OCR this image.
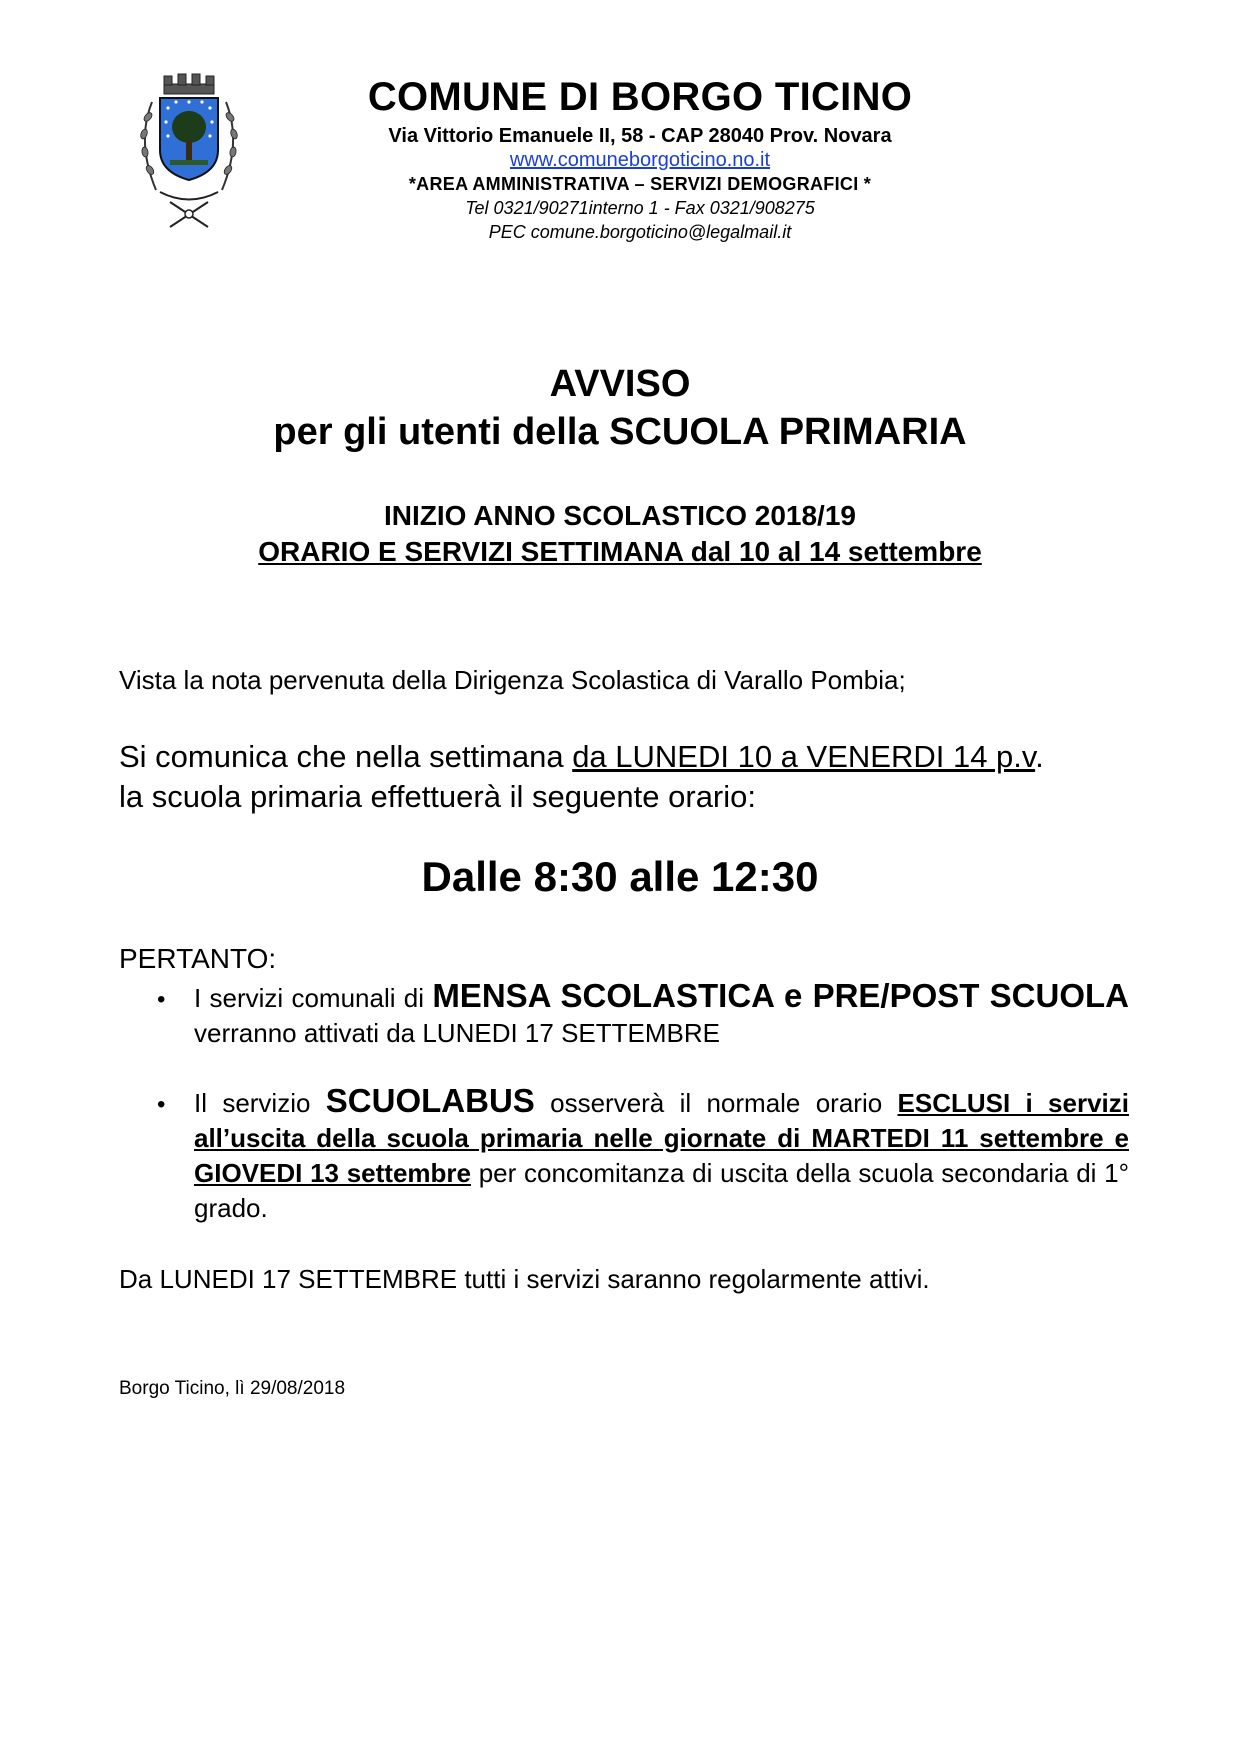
COMUNE DI BORGO TICINO
Via Vittorio Emanuele II, 58 - CAP 28040 Prov. Novara
www.comuneborgoticino.no.it
*AREA AMMINISTRATIVA – SERVIZI DEMOGRAFICI *
Tel 0321/90271interno 1 - Fax 0321/908275
PEC comune.borgoticino@legalmail.it
AVVISO
per gli utenti della SCUOLA PRIMARIA
INIZIO ANNO SCOLASTICO 2018/19
ORARIO E SERVIZI SETTIMANA dal 10 al 14 settembre
Vista la nota pervenuta della Dirigenza Scolastica di Varallo Pombia;
Si comunica che nella settimana da LUNEDI 10 a VENERDI 14 p.v.
la scuola primaria effettuerà il seguente orario:
Dalle 8:30 alle 12:30
PERTANTO:
• I servizi comunali di MENSA SCOLASTICA e PRE/POST SCUOLA verranno attivati da LUNEDI 17 SETTEMBRE
• Il servizio SCUOLABUS osserverà il normale orario ESCLUSI i servizi all’uscita della scuola primaria nelle giornate di MARTEDI 11 settembre e GIOVEDI 13 settembre per concomitanza di uscita della scuola secondaria di 1° grado.
Da LUNEDI 17 SETTEMBRE tutti i servizi saranno regolarmente attivi.
Borgo Ticino, lì 29/08/2018
